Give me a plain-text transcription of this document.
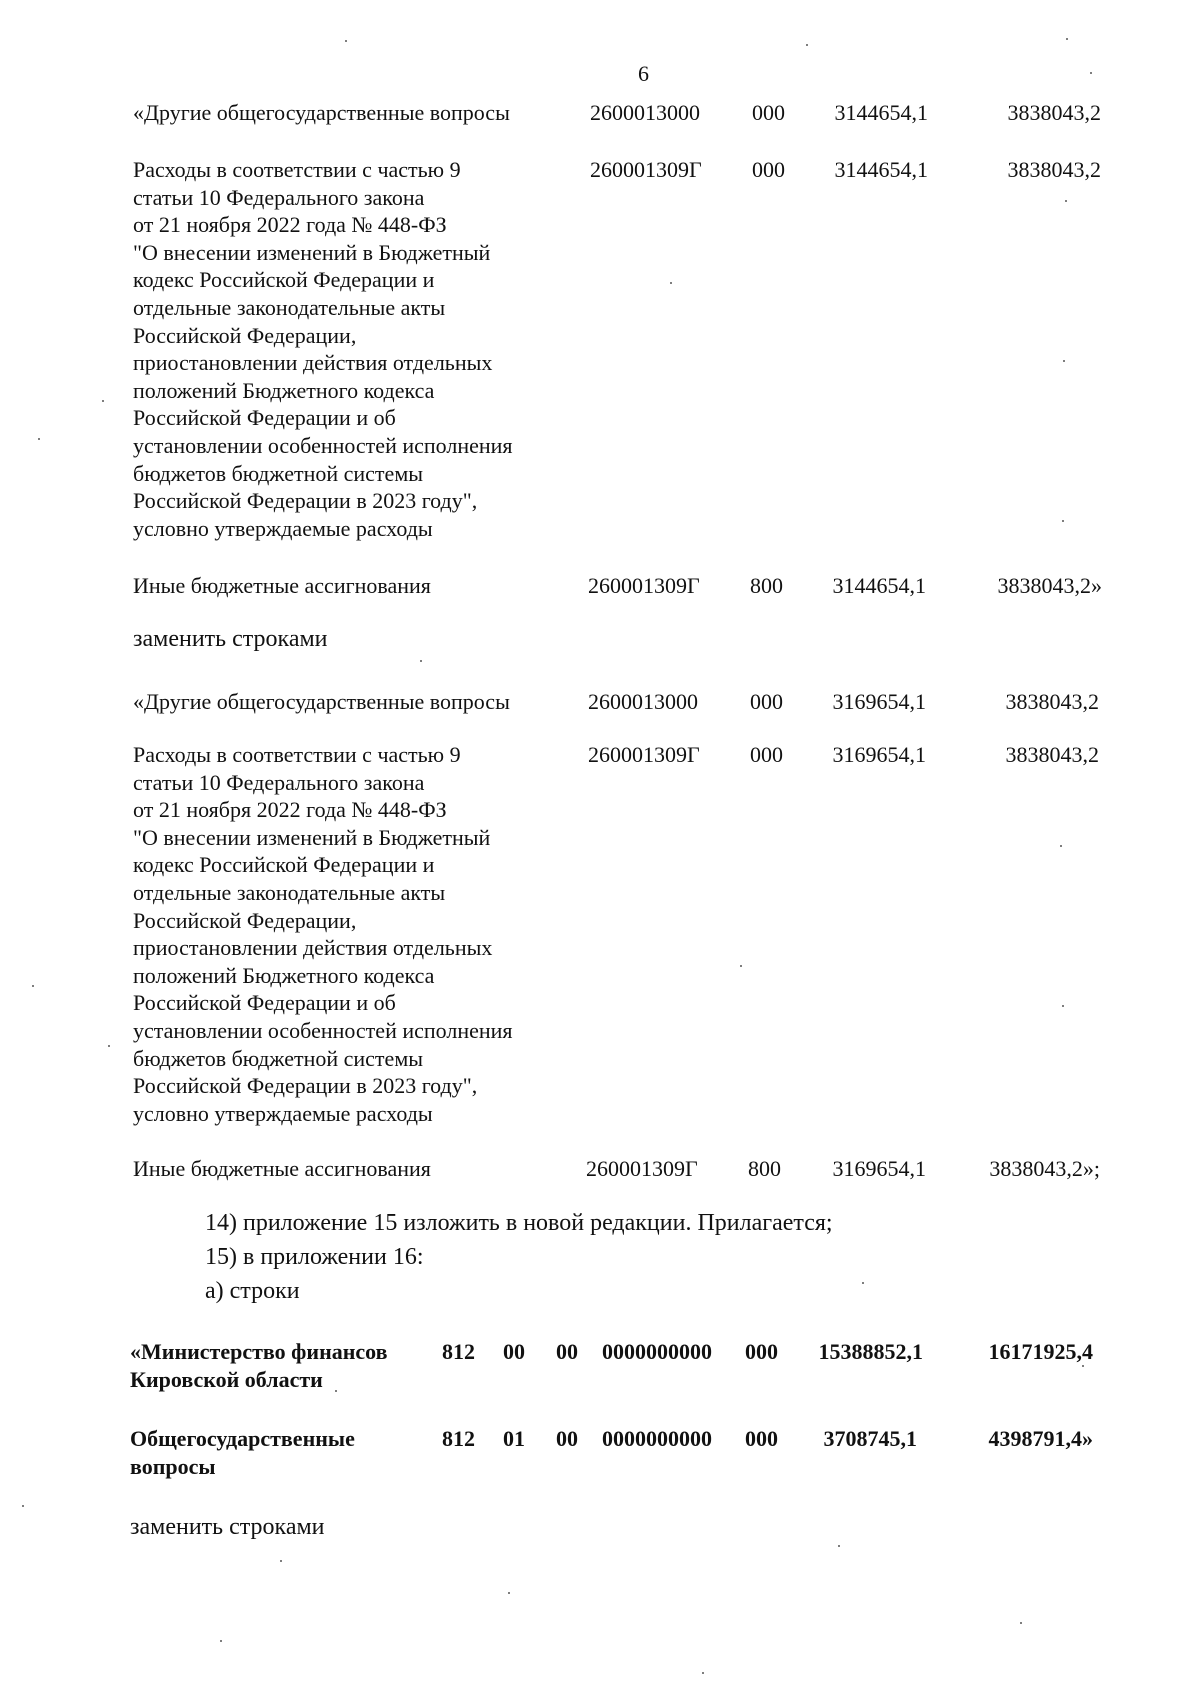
6
«Другие общегосударственные вопросы	2600013000 000	3144654,1	3838043,2
Расходы в соответствии с частью 9
статьи 10 Федерального закона
от 21 ноября 2022 года № 448-ФЗ
"О внесении изменений в Бюджетный
кодекс Российской Федерации и
отдельные законодательные акты
Российской Федерации,
приостановлении действия отдельных
положений Бюджетного кодекса
Российской Федерации и об
установлении особенностей исполнения
бюджетов бюджетной системы
Российской Федерации в 2023 году",
условно утверждаемые расходы
260001309Г 000	3144654,1	3838043,2
Иные бюджетные ассигнования	260001309Г 800	3144654,1	3838043,2»
заменить строками
«Другие общегосударственные вопросы	2600013000 000	3169654,1	3838043,2
Расходы в соответствии с частью 9
статьи 10 Федерального закона
от 21 ноября 2022 года № 448-ФЗ
"О внесении изменений в Бюджетный
кодекс Российской Федерации и
отдельные законодательные акты
Российской Федерации,
приостановлении действия отдельных
положений Бюджетного кодекса
Российской Федерации и об
установлении особенностей исполнения
бюджетов бюджетной системы
Российской Федерации в 2023 году",
условно утверждаемые расходы
260001309Г 000	3169654,1	3838043,2
Иные бюджетные ассигнования	260001309Г 800	3169654,1	3838043,2»;
14) приложение 15 изложить в новой редакции. Прилагается;
15) в приложении 16:
а) строки
«Министерство финансов
Кировской области
812 00 00 0000000000 000	15388852,1	16171925,4
Общегосударственные
вопросы
812 01 00 0000000000 000	3708745,1	4398791,4»
заменить строками
